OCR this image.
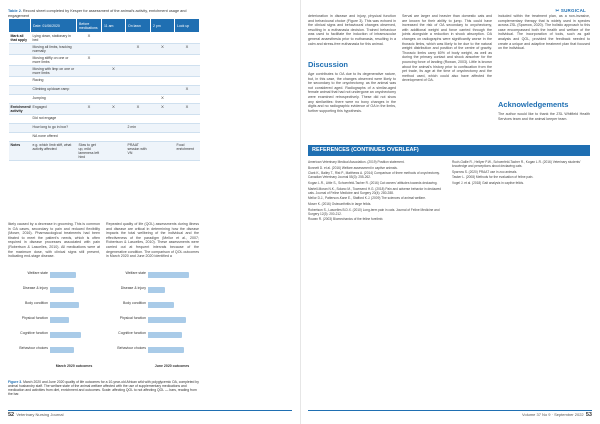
Table 2. Record sheet completed by Kesper for assessment of the animal's activity, enrichment usage and engagement
	Date: 01/06/2020	Before medications	11 am	On lawn	2 pm	Lock up
Mark all that apply	Lying down, stationary in bed	X				
	Moving all limbs, tracking normally			X	X	X
	Moving stiffly on one or more limbs	X				
	Moving with limp on one or more limbs		X			
	Racing					
	Climbing up/down ramp					X
	Jumping				X	
Enrichment/ activity	Engaged	X	X	X	X	X
	Did not engage					
	How long to go in box?			2 min		
	NA none offered					
Notes	e.g. which limb stiff, what activity affected	Slow to get up, mild lameness left hind		PRAAT session with VN		Food enrichment

likely caused by a decrease in grooming. This is common in OA cases, secondary to pain and reduced flexibility (Moser, 2016). Pharmacological treatments had been titrated to meet the patient's needs, which is often required in disease processes associated with pain (Robertson & Lascelles, 2010). All medications were at the maximum dose, with clinical signs still present, indicating end-stage disease.

Repeated quality of life (QOL) assessments during illness and disease are critical in determining how the disease impacts the total wellbeing of the individual and the effectiveness of the paradigm (Mellor et al., 2007; Robertson & Lascelles, 2010). These assessments were carried out at frequent intervals because of the degenerative condition. The comparison of QOL outcomes in March 2020 and June 2020 identified a

Welfare state
Disease & injury
Body condition
Physical function
Cognitive function
Behaviour choices
March 2020 outcomes
Welfare state
Disease & injury
Body condition
Physical function
Cognitive function
Behaviour choices
June 2020 outcomes
Figure 3. March 2020 and June 2020 quality of life outcomes for a 10-year-old African wild with polyglycemic OA, completed by animal husbandry staff. The welfare state of the animal welfare affected with the use of supplementary medications and medication and activities from diet, enrichment and outcomes. Scale: affecting QOL to not affecting QOL — bars, reading from the bar.
52 Veterinary Nursing Journal
✂ SURGICAL

deterioration in disease and injury, physical function and behavioural choice (Figure 3). This was echoed in the clinical signs and behavioural changes observed, resulting in a euthanasia decision. Trained behaviour was used to facilitate the induction of intramuscular general anaesthesia prior to euthanasia, resulting in a calm and stress-free euthanasia for this animal.

Discussion

Age contributes to OA due to its degenerative nature, but, in this case, the changes observed were likely to be secondary to the onychectomy, as the animal was not considered aged. Radiographs of a similar-aged female animal that had not undergone an onychectomy were examined retrospectively. These did not show any similarities: there were no bony changes in the digits and no radiographic evidence of OA in the limbs, further supporting this hypothesis.

Serval are larger and heavier than domestic cats and are known for their ability to jump. This could have increased the risk of OA secondary to onychectomy, with additional weight and force carried through the joints alongside a reduction in shock absorption. OA changes on radiographs were significantly worse in the thoracic limbs, which was likely to be due to the natural weight distribution and position of the centre of gravity. Thoracic limbs carry 60% of body weight, as well as during the primary contact and shock absorber for the pouncing force of landing (Rowan, 2003). Little is known about the animal's history prior to confiscation from the pet trade, its age at the time of onychectomy and the method used, which could also have affected the development of OA.

included within the treatment plan, as a non-invasive, complementary therapy that is widely used in species across ZSL (Sparrow, 2020). The holistic approach to this case encompassed both the health and welfare of the individual. The incorporation of tools, such as gait analysis and QOL, provided the feedback needed to create a unique and adaptive treatment plan that focused on the individual.

Acknowledgements

The author would like to thank the ZSL Whitfield Health Services team and the animal keeper team.

REFERENCES (CONTINUES OVERLEAF)

American Veterinary Medical Association. (2019) Position statement.

Bonnett D. et al. (2016) Welfare assessment in captive animals.

Clark K., Bailey T., Rist P., Matthews A. (2014) Comparison of three methods of onychectomy. Canadian Veterinary Journal 55(3): 255-262.

Kogan L.R., Little S., Schoenfeld-Tacher R. (2016) Cat owners' attitudes towards declawing.

Martell-Moran N.K., Solano M., Townsend H.G. (2018) Pain and adverse behavior in declawed cats. Journal of Feline Medicine and Surgery 20(4): 280-288.

Mellor D.J., Patterson-Kane E., Stafford K.J. (2009) The sciences of animal welfare.

Moser K. (2016) Osteoarthritis in large felids.

Robertson S., Lascelles B.D.X. (2010) Long-term pain in cats. Journal of Feline Medicine and Surgery 12(3): 200-212.

Rowan R. (2003) Biomechanics of the feline forelimb.

Ruch-Gallie R., Hellyer P.W., Schoenfeld-Tacher R., Kogan L.R. (2016) Veterinary students' knowledge and perceptions about declawing cats.

Sparrow S. (2020) PRAAT use in zoo animals.

Tasker L. (2008) Methods for the evaluation of feline pain.

Vogel J. et al. (2018) Gait analysis in captive felids.

Volume 37 No 9 · September 2022 53
